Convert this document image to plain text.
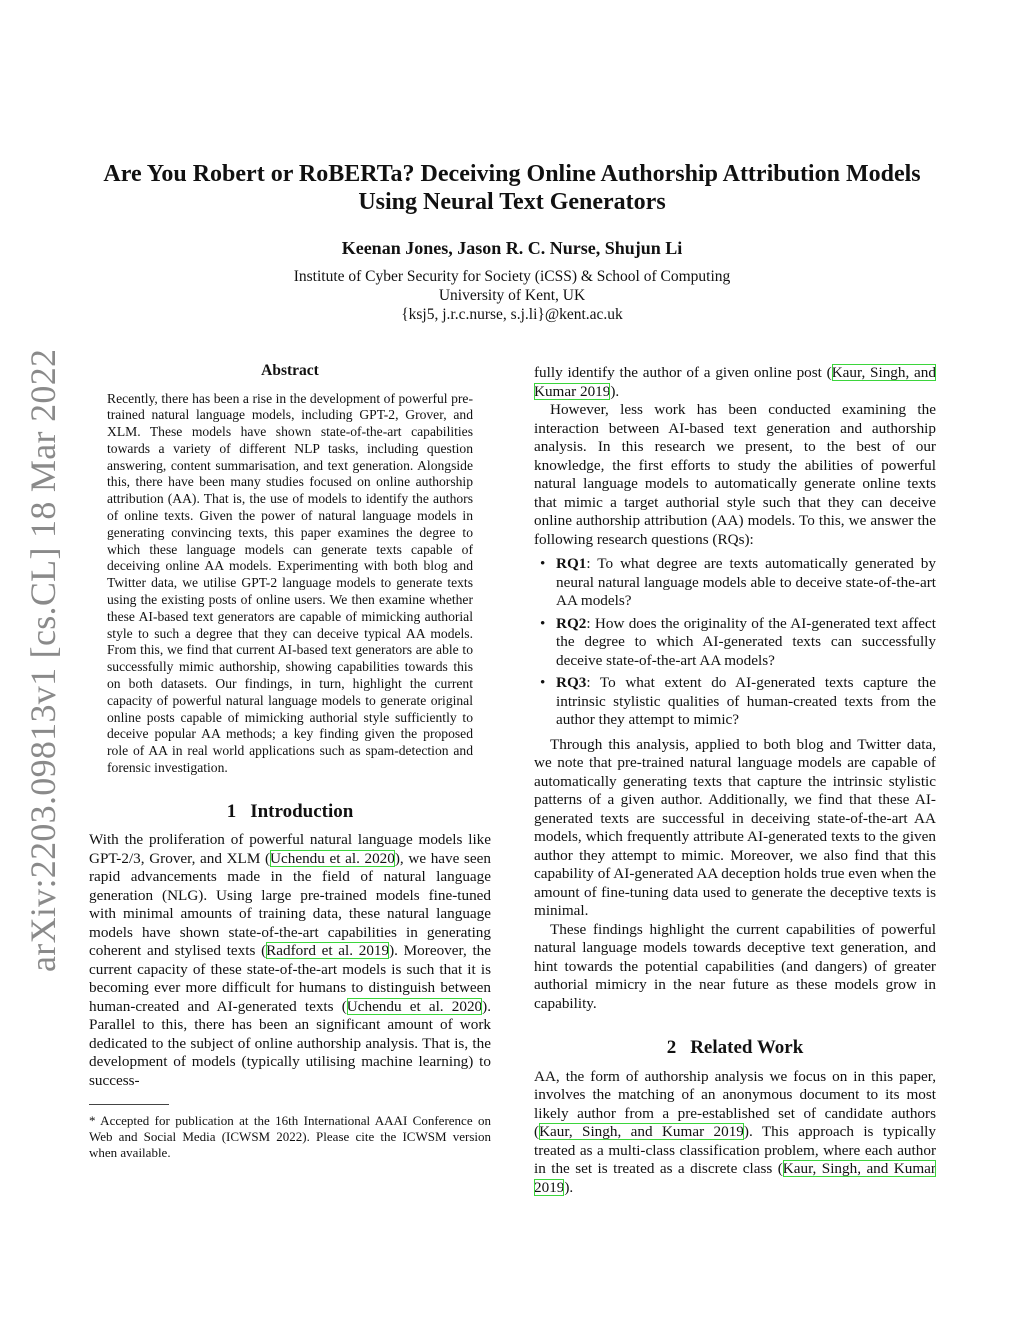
arXiv:2203.09813v1 [cs.CL] 18 Mar 2022

Are You Robert or RoBERTa? Deceiving Online Authorship Attribution Models
Using Neural Text Generators

Keenan Jones, Jason R. C. Nurse, Shujun Li
Institute of Cyber Security for Society (iCSS) & School of Computing
University of Kent, UK
{ksj5, j.r.c.nurse, s.j.li}@kent.ac.uk
Abstract

Recently, there has been a rise in the development of powerful pre-trained natural language models, including GPT-2, Grover, and XLM. These models have shown state-of-the-art capabilities towards a variety of different NLP tasks, including question answering, content summarisation, and text generation. Alongside this, there have been many studies focused on online authorship attribution (AA). That is, the use of models to identify the authors of online texts. Given the power of natural language models in generating convincing texts, this paper examines the degree to which these language models can generate texts capable of deceiving online AA models. Experimenting with both blog and Twitter data, we utilise GPT-2 language models to generate texts using the existing posts of online users. We then examine whether these AI-based text generators are capable of mimicking authorial style to such a degree that they can deceive typical AA models. From this, we find that current AI-based text generators are able to successfully mimic authorship, showing capabilities towards this on both datasets. Our findings, in turn, highlight the current capacity of powerful natural language models to generate original online posts capable of mimicking authorial style sufficiently to deceive popular AA methods; a key finding given the proposed role of AA in real world applications such as spam-detection and forensic investigation.

1 Introduction

With the proliferation of powerful natural language models like GPT-2/3, Grover, and XLM (Uchendu et al. 2020), we have seen rapid advancements made in the field of natural language generation (NLG). Using large pre-trained models fine-tuned with minimal amounts of training data, these natural language models have shown state-of-the-art capabilities in generating coherent and stylised texts (Radford et al. 2019). Moreover, the current capacity of these state-of-the-art models is such that it is becoming ever more difficult for humans to distinguish between human-created and AI-generated texts (Uchendu et al. 2020). Parallel to this, there has been an significant amount of work dedicated to the subject of online authorship analysis. That is, the development of models (typically utilising machine learning) to success-

* Accepted for publication at the 16th International AAAI Conference on Web and Social Media (ICWSM 2022). Please cite the ICWSM version when available.

fully identify the author of a given online post (Kaur, Singh, and Kumar 2019).

However, less work has been conducted examining the interaction between AI-based text generation and authorship analysis. In this research we present, to the best of our knowledge, the first efforts to study the abilities of powerful natural language models to automatically generate online texts that mimic a target authorial style such that they can deceive online authorship attribution (AA) models. To this, we answer the following research questions (RQs):

• RQ1: To what degree are texts automatically generated by neural natural language models able to deceive state-of-the-art AA models?
• RQ2: How does the originality of the AI-generated text affect the degree to which AI-generated texts can successfully deceive state-of-the-art AA models?
• RQ3: To what extent do AI-generated texts capture the intrinsic stylistic qualities of human-created texts from the author they attempt to mimic?

Through this analysis, applied to both blog and Twitter data, we note that pre-trained natural language models are capable of automatically generating texts that capture the intrinsic stylistic patterns of a given author. Additionally, we find that these AI-generated texts are successful in deceiving state-of-the-art AA models, which frequently attribute AI-generated texts to the given author they attempt to mimic. Moreover, we also find that this capability of AI-generated AA deception holds true even when the amount of fine-tuning data used to generate the deceptive texts is minimal.

These findings highlight the current capabilities of powerful natural language models towards deceptive text generation, and hint towards the potential capabilities (and dangers) of greater authorial mimicry in the near future as these models grow in capability.

2 Related Work

AA, the form of authorship analysis we focus on in this paper, involves the matching of an anonymous document to its most likely author from a pre-established set of candidate authors (Kaur, Singh, and Kumar 2019). This approach is typically treated as a multi-class classification problem, where each author in the set is treated as a discrete class (Kaur, Singh, and Kumar 2019).
